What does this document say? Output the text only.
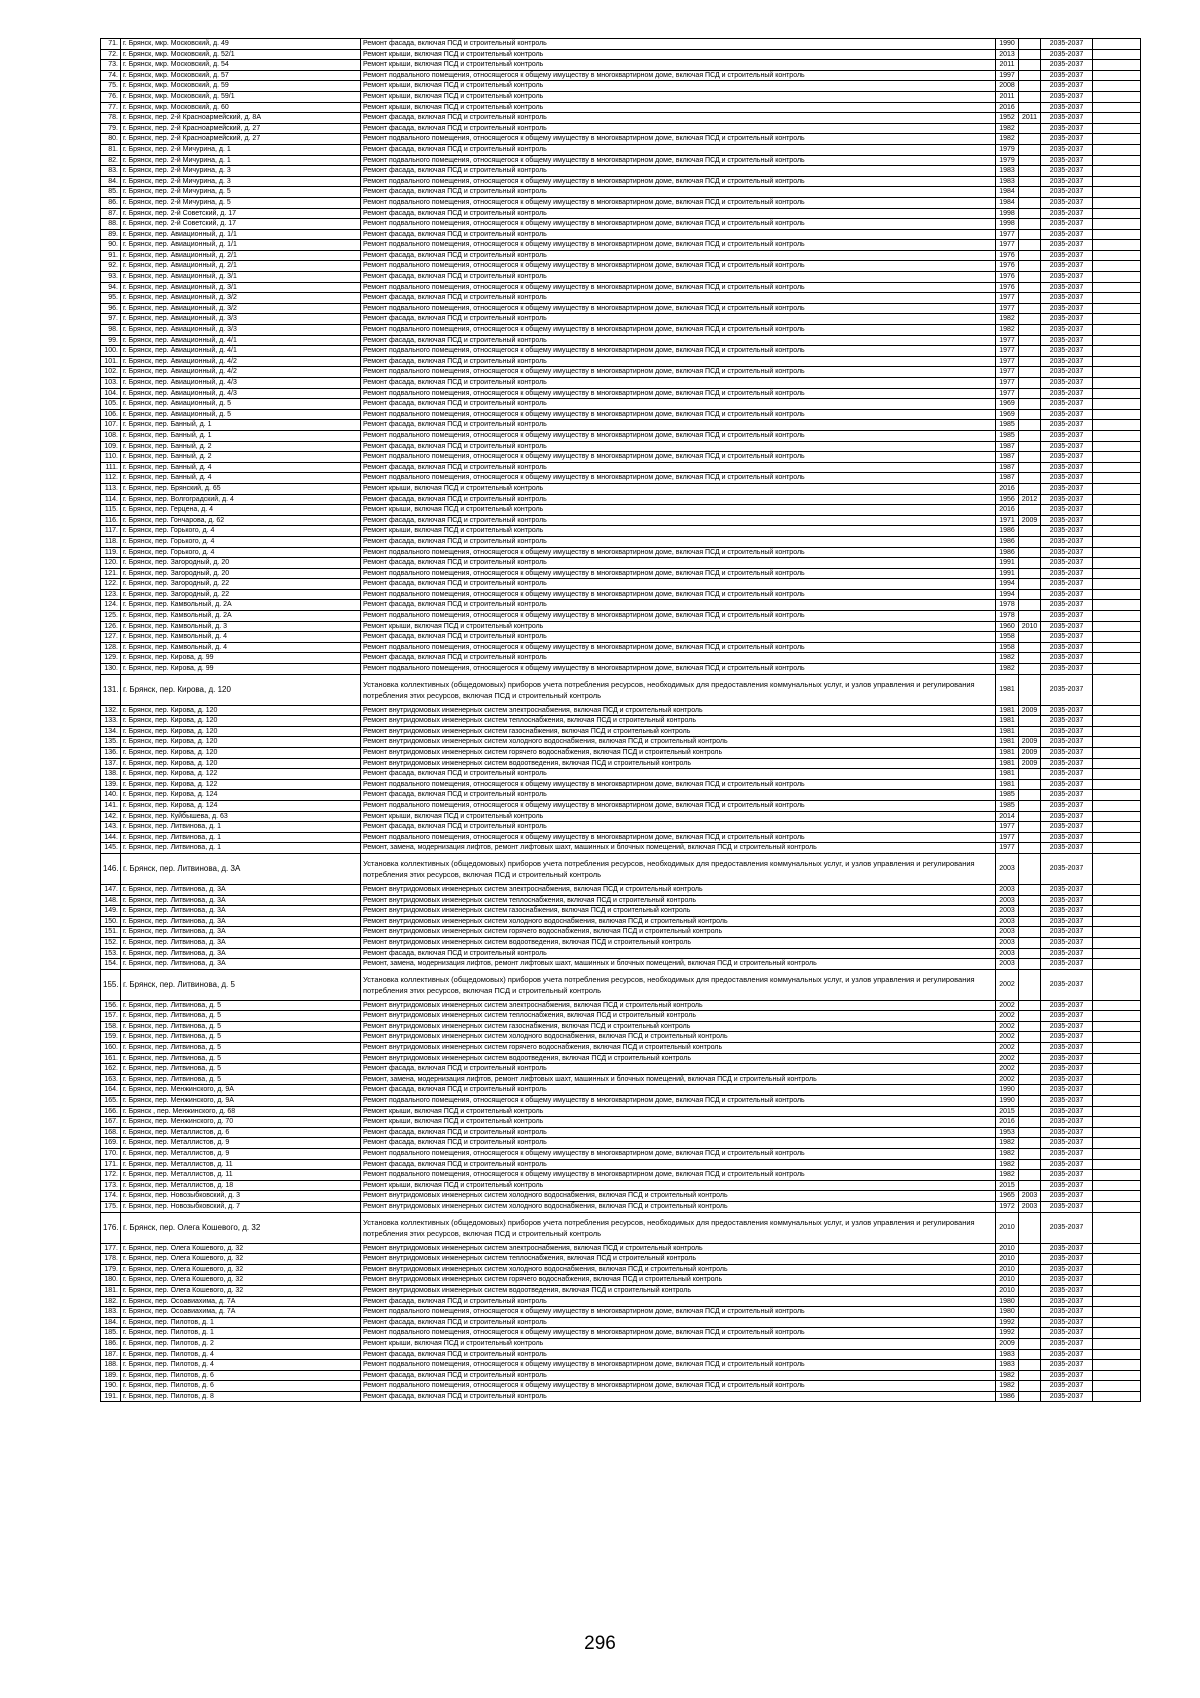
71.	г. Брянск, мкр. Московский, д. 49	Ремонт фасада, включая ПСД и строительный контроль	1990		2035-2037	
72.	г. Брянск, мкр. Московский, д. 52/1	Ремонт крыши, включая ПСД и строительный контроль	2013		2035-2037	
73.	г. Брянск, мкр. Московский, д. 54	Ремонт крыши, включая ПСД и строительный контроль	2011		2035-2037	
74.	г. Брянск, мкр. Московский, д. 57	Ремонт подвального помещения, относящегося к общему имуществу в многоквартирном доме, включая ПСД и строительный контроль	1997		2035-2037	
75.	г. Брянск, мкр. Московский, д. 59	Ремонт крыши, включая ПСД и строительный контроль	2008		2035-2037	
76.	г. Брянск, мкр. Московский, д. 59/1	Ремонт крыши, включая ПСД и строительный контроль	2011		2035-2037	
77.	г. Брянск, мкр. Московский, д. 60	Ремонт крыши, включая ПСД и строительный контроль	2016		2035-2037	
78.	г. Брянск, пер. 2-й Красноармейский, д. 8А	Ремонт фасада, включая ПСД и строительный контроль	1952	2011	2035-2037	
79.	г. Брянск, пер. 2-й Красноармейский, д. 27	Ремонт фасада, включая ПСД и строительный контроль	1982		2035-2037	
80.	г. Брянск, пер. 2-й Красноармейский, д. 27	Ремонт подвального помещения, относящегося к общему имуществу в многоквартирном доме, включая ПСД и строительный контроль	1982		2035-2037	
81.	г. Брянск, пер. 2-й Мичурина, д. 1	Ремонт фасада, включая ПСД и строительный контроль	1979		2035-2037	
82.	г. Брянск, пер. 2-й Мичурина, д. 1	Ремонт подвального помещения, относящегося к общему имуществу в многоквартирном доме, включая ПСД и строительный контроль	1979		2035-2037	
83.	г. Брянск, пер. 2-й Мичурина, д. 3	Ремонт фасада, включая ПСД и строительный контроль	1983		2035-2037	
84.	г. Брянск, пер. 2-й Мичурина, д. 3	Ремонт подвального помещения, относящегося к общему имуществу в многоквартирном доме, включая ПСД и строительный контроль	1983		2035-2037	
85.	г. Брянск, пер. 2-й Мичурина, д. 5	Ремонт фасада, включая ПСД и строительный контроль	1984		2035-2037	
86.	г. Брянск, пер. 2-й Мичурина, д. 5	Ремонт подвального помещения, относящегося к общему имуществу в многоквартирном доме, включая ПСД и строительный контроль	1984		2035-2037	
87.	г. Брянск, пер. 2-й Советский, д. 17	Ремонт фасада, включая ПСД и строительный контроль	1998		2035-2037	
88.	г. Брянск, пер. 2-й Советский, д. 17	Ремонт подвального помещения, относящегося к общему имуществу в многоквартирном доме, включая ПСД и строительный контроль	1998		2035-2037	
89.	г. Брянск, пер. Авиационный, д. 1/1	Ремонт фасада, включая ПСД и строительный контроль	1977		2035-2037	
90.	г. Брянск, пер. Авиационный, д. 1/1	Ремонт подвального помещения, относящегося к общему имуществу в многоквартирном доме, включая ПСД и строительный контроль	1977		2035-2037	
91.	г. Брянск, пер. Авиационный, д. 2/1	Ремонт фасада, включая ПСД и строительный контроль	1976		2035-2037	
92.	г. Брянск, пер. Авиационный, д. 2/1	Ремонт подвального помещения, относящегося к общему имуществу в многоквартирном доме, включая ПСД и строительный контроль	1976		2035-2037	
93.	г. Брянск, пер. Авиационный, д. 3/1	Ремонт фасада, включая ПСД и строительный контроль	1976		2035-2037	
94.	г. Брянск, пер. Авиационный, д. 3/1	Ремонт подвального помещения, относящегося к общему имуществу в многоквартирном доме, включая ПСД и строительный контроль	1976		2035-2037	
95.	г. Брянск, пер. Авиационный, д. 3/2	Ремонт фасада, включая ПСД и строительный контроль	1977		2035-2037	
96.	г. Брянск, пер. Авиационный, д. 3/2	Ремонт подвального помещения, относящегося к общему имуществу в многоквартирном доме, включая ПСД и строительный контроль	1977		2035-2037	
97.	г. Брянск, пер. Авиационный, д. 3/3	Ремонт фасада, включая ПСД и строительный контроль	1982		2035-2037	
98.	г. Брянск, пер. Авиационный, д. 3/3	Ремонт подвального помещения, относящегося к общему имуществу в многоквартирном доме, включая ПСД и строительный контроль	1982		2035-2037	
99.	г. Брянск, пер. Авиационный, д. 4/1	Ремонт фасада, включая ПСД и строительный контроль	1977		2035-2037	
100.	г. Брянск, пер. Авиационный, д. 4/1	Ремонт подвального помещения, относящегося к общему имуществу в многоквартирном доме, включая ПСД и строительный контроль	1977		2035-2037	
101.	г. Брянск, пер. Авиационный, д. 4/2	Ремонт фасада, включая ПСД и строительный контроль	1977		2035-2037	
102.	г. Брянск, пер. Авиационный, д. 4/2	Ремонт подвального помещения, относящегося к общему имуществу в многоквартирном доме, включая ПСД и строительный контроль	1977		2035-2037	
103.	г. Брянск, пер. Авиационный, д. 4/3	Ремонт фасада, включая ПСД и строительный контроль	1977		2035-2037	
104.	г. Брянск, пер. Авиационный, д. 4/3	Ремонт подвального помещения, относящегося к общему имуществу в многоквартирном доме, включая ПСД и строительный контроль	1977		2035-2037	
105.	г. Брянск, пер. Авиационный, д. 5	Ремонт фасада, включая ПСД и строительный контроль	1969		2035-2037	
106.	г. Брянск, пер. Авиационный, д. 5	Ремонт подвального помещения, относящегося к общему имуществу в многоквартирном доме, включая ПСД и строительный контроль	1969		2035-2037	
107.	г. Брянск, пер. Банный, д. 1	Ремонт фасада, включая ПСД и строительный контроль	1985		2035-2037	
108.	г. Брянск, пер. Банный, д. 1	Ремонт подвального помещения, относящегося к общему имуществу в многоквартирном доме, включая ПСД и строительный контроль	1985		2035-2037	
109.	г. Брянск, пер. Банный, д. 2	Ремонт фасада, включая ПСД и строительный контроль	1987		2035-2037	
110.	г. Брянск, пер. Банный, д. 2	Ремонт подвального помещения, относящегося к общему имуществу в многоквартирном доме, включая ПСД и строительный контроль	1987		2035-2037	
111.	г. Брянск, пер. Банный, д. 4	Ремонт фасада, включая ПСД и строительный контроль	1987		2035-2037	
112.	г. Брянск, пер. Банный, д. 4	Ремонт подвального помещения, относящегося к общему имуществу в многоквартирном доме, включая ПСД и строительный контроль	1987		2035-2037	
113.	г. Брянск, пер. Брянский, д. 65	Ремонт крыши, включая ПСД и строительный контроль	2016		2035-2037	
114.	г. Брянск, пер. Волгоградский, д. 4	Ремонт фасада, включая ПСД и строительный контроль	1956	2012	2035-2037	
115.	г. Брянск, пер. Герцена, д. 4	Ремонт крыши, включая ПСД и строительный контроль	2016		2035-2037	
116.	г. Брянск, пер. Гончарова, д. 62	Ремонт фасада, включая ПСД и строительный контроль	1971	2009	2035-2037	
117.	г. Брянск, пер. Горького, д. 4	Ремонт крыши, включая ПСД и строительный контроль	1986		2035-2037	
118.	г. Брянск, пер. Горького, д. 4	Ремонт фасада, включая ПСД и строительный контроль	1986		2035-2037	
119.	г. Брянск, пер. Горького, д. 4	Ремонт подвального помещения, относящегося к общему имуществу в многоквартирном доме, включая ПСД и строительный контроль	1986		2035-2037	
120.	г. Брянск, пер. Загородный, д. 20	Ремонт фасада, включая ПСД и строительный контроль	1991		2035-2037	
121.	г. Брянск, пер. Загородный, д. 20	Ремонт подвального помещения, относящегося к общему имуществу в многоквартирном доме, включая ПСД и строительный контроль	1991		2035-2037	
122.	г. Брянск, пер. Загородный, д. 22	Ремонт фасада, включая ПСД и строительный контроль	1994		2035-2037	
123.	г. Брянск, пер. Загородный, д. 22	Ремонт подвального помещения, относящегося к общему имуществу в многоквартирном доме, включая ПСД и строительный контроль	1994		2035-2037	
124.	г. Брянск, пер. Камвольный, д. 2А	Ремонт фасада, включая ПСД и строительный контроль	1978		2035-2037	
125.	г. Брянск, пер. Камвольный, д. 2А	Ремонт подвального помещения, относящегося к общему имуществу в многоквартирном доме, включая ПСД и строительный контроль	1978		2035-2037	
126.	г. Брянск, пер. Камвольный, д. 3	Ремонт крыши, включая ПСД и строительный контроль	1960	2010	2035-2037	
127.	г. Брянск, пер. Камвольный, д. 4	Ремонт фасада, включая ПСД и строительный контроль	1958		2035-2037	
128.	г. Брянск, пер. Камвольный, д. 4	Ремонт подвального помещения, относящегося к общему имуществу в многоквартирном доме, включая ПСД и строительный контроль	1958		2035-2037	
129.	г. Брянск, пер. Кирова, д. 99	Ремонт фасада, включая ПСД и строительный контроль	1982		2035-2037	
130.	г. Брянск, пер. Кирова, д. 99	Ремонт подвального помещения, относящегося к общему имуществу в многоквартирном доме, включая ПСД и строительный контроль	1982		2035-2037	
131.	г. Брянск, пер. Кирова, д. 120	Установка коллективных (общедомовых) приборов учета потребления ресурсов, необходимых для предоставления коммунальных услуг, и узлов управления и регулирования потребления этих ресурсов, включая ПСД и строительный контроль	1981		2035-2037	
132.	г. Брянск, пер. Кирова, д. 120	Ремонт внутридомовых инженерных систем электроснабжения, включая ПСД и строительный контроль	1981	2009	2035-2037	
133.	г. Брянск, пер. Кирова, д. 120	Ремонт внутридомовых инженерных систем теплоснабжения, включая ПСД и строительный контроль	1981		2035-2037	
134.	г. Брянск, пер. Кирова, д. 120	Ремонт внутридомовых инженерных систем газоснабжения, включая ПСД и строительный контроль	1981		2035-2037	
135.	г. Брянск, пер. Кирова, д. 120	Ремонт внутридомовых инженерных систем холодного водоснабжения, включая ПСД и строительный контроль	1981	2009	2035-2037	
136.	г. Брянск, пер. Кирова, д. 120	Ремонт внутридомовых инженерных систем горячего водоснабжения, включая ПСД и строительный контроль	1981	2009	2035-2037	
137.	г. Брянск, пер. Кирова, д. 120	Ремонт внутридомовых инженерных систем водоотведения, включая ПСД и строительный контроль	1981	2009	2035-2037	
138.	г. Брянск, пер. Кирова, д. 122	Ремонт фасада, включая ПСД и строительный контроль	1981		2035-2037	
139.	г. Брянск, пер. Кирова, д. 122	Ремонт подвального помещения, относящегося к общему имуществу в многоквартирном доме, включая ПСД и строительный контроль	1981		2035-2037	
140.	г. Брянск, пер. Кирова, д. 124	Ремонт фасада, включая ПСД и строительный контроль	1985		2035-2037	
141.	г. Брянск, пер. Кирова, д. 124	Ремонт подвального помещения, относящегося к общему имуществу в многоквартирном доме, включая ПСД и строительный контроль	1985		2035-2037	
142.	г. Брянск, пер. Куйбышева, д. 63	Ремонт крыши, включая ПСД и строительный контроль	2014		2035-2037	
143.	г. Брянск, пер. Литвинова, д. 1	Ремонт фасада, включая ПСД и строительный контроль	1977		2035-2037	
144.	г. Брянск, пер. Литвинова, д. 1	Ремонт подвального помещения, относящегося к общему имуществу в многоквартирном доме, включая ПСД и строительный контроль	1977		2035-2037	
145.	г. Брянск, пер. Литвинова, д. 1	Ремонт, замена, модернизация лифтов, ремонт лифтовых шахт, машинных и блочных помещений, включая ПСД и строительный контроль	1977		2035-2037	
146.	г. Брянск, пер. Литвинова, д. 3А	Установка коллективных (общедомовых) приборов учета потребления ресурсов, необходимых для предоставления коммунальных услуг, и узлов управления и регулирования потребления этих ресурсов, включая ПСД и строительный контроль	2003		2035-2037	
147.	г. Брянск, пер. Литвинова, д. 3А	Ремонт внутридомовых инженерных систем электроснабжения, включая ПСД и строительный контроль	2003		2035-2037	
148.	г. Брянск, пер. Литвинова, д. 3А	Ремонт внутридомовых инженерных систем теплоснабжения, включая ПСД и строительный контроль	2003		2035-2037	
149.	г. Брянск, пер. Литвинова, д. 3А	Ремонт внутридомовых инженерных систем газоснабжения, включая ПСД и строительный контроль	2003		2035-2037	
150.	г. Брянск, пер. Литвинова, д. 3А	Ремонт внутридомовых инженерных систем холодного водоснабжения, включая ПСД и строительный контроль	2003		2035-2037	
151.	г. Брянск, пер. Литвинова, д. 3А	Ремонт внутридомовых инженерных систем горячего водоснабжения, включая ПСД и строительный контроль	2003		2035-2037	
152.	г. Брянск, пер. Литвинова, д. 3А	Ремонт внутридомовых инженерных систем водоотведения, включая ПСД и строительный контроль	2003		2035-2037	
153.	г. Брянск, пер. Литвинова, д. 3А	Ремонт фасада, включая ПСД и строительный контроль	2003		2035-2037	
154.	г. Брянск, пер. Литвинова, д. 3А	Ремонт, замена, модернизация лифтов, ремонт лифтовых шахт, машинных и блочных помещений, включая ПСД и строительный контроль	2003		2035-2037	
155.	г. Брянск, пер. Литвинова, д. 5	Установка коллективных (общедомовых) приборов учета потребления ресурсов, необходимых для предоставления коммунальных услуг, и узлов управления и регулирования потребления этих ресурсов, включая ПСД и строительный контроль	2002		2035-2037	
156.	г. Брянск, пер. Литвинова, д. 5	Ремонт внутридомовых инженерных систем электроснабжения, включая ПСД и строительный контроль	2002		2035-2037	
157.	г. Брянск, пер. Литвинова, д. 5	Ремонт внутридомовых инженерных систем теплоснабжения, включая ПСД и строительный контроль	2002		2035-2037	
158.	г. Брянск, пер. Литвинова, д. 5	Ремонт внутридомовых инженерных систем газоснабжения, включая ПСД и строительный контроль	2002		2035-2037	
159.	г. Брянск, пер. Литвинова, д. 5	Ремонт внутридомовых инженерных систем холодного водоснабжения, включая ПСД и строительный контроль	2002		2035-2037	
160.	г. Брянск, пер. Литвинова, д. 5	Ремонт внутридомовых инженерных систем горячего водоснабжения, включая ПСД и строительный контроль	2002		2035-2037	
161.	г. Брянск, пер. Литвинова, д. 5	Ремонт внутридомовых инженерных систем водоотведения, включая ПСД и строительный контроль	2002		2035-2037	
162.	г. Брянск, пер. Литвинова, д. 5	Ремонт фасада, включая ПСД и строительный контроль	2002		2035-2037	
163.	г. Брянск, пер. Литвинова, д. 5	Ремонт, замена, модернизация лифтов, ремонт лифтовых шахт, машинных и блочных помещений, включая ПСД и строительный контроль	2002		2035-2037	
164.	г. Брянск, пер. Менжинского, д. 9А	Ремонт фасада, включая ПСД и строительный контроль	1990		2035-2037	
165.	г. Брянск, пер. Менжинского, д. 9А	Ремонт подвального помещения, относящегося к общему имуществу в многоквартирном доме, включая ПСД и строительный контроль	1990		2035-2037	
166.	г. Брянск , пер. Менжинского, д. 68	Ремонт крыши, включая ПСД и строительный контроль	2015		2035-2037	
167.	г. Брянск, пер. Менжинского, д. 70	Ремонт крыши, включая ПСД и строительный контроль	2016		2035-2037	
168.	г. Брянск, пер. Металлистов, д. 6	Ремонт фасада, включая ПСД и строительный контроль	1953		2035-2037	
169.	г. Брянск, пер. Металлистов, д. 9	Ремонт фасада, включая ПСД и строительный контроль	1982		2035-2037	
170.	г. Брянск, пер. Металлистов, д. 9	Ремонт подвального помещения, относящегося к общему имуществу в многоквартирном доме, включая ПСД и строительный контроль	1982		2035-2037	
171.	г. Брянск, пер. Металлистов, д. 11	Ремонт фасада, включая ПСД и строительный контроль	1982		2035-2037	
172.	г. Брянск, пер. Металлистов, д. 11	Ремонт подвального помещения, относящегося к общему имуществу в многоквартирном доме, включая ПСД и строительный контроль	1982		2035-2037	
173.	г. Брянск, пер. Металлистов, д. 18	Ремонт крыши, включая ПСД и строительный контроль	2015		2035-2037	
174.	г. Брянск, пер. Новозыбковский, д. 3	Ремонт внутридомовых инженерных систем холодного водоснабжения, включая ПСД и строительный контроль	1965	2003	2035-2037	
175.	г. Брянск, пер. Новозыбковский, д. 7	Ремонт внутридомовых инженерных систем холодного водоснабжения, включая ПСД и строительный контроль	1972	2003	2035-2037	
176.	г. Брянск, пер. Олега Кошевого, д. 32	Установка коллективных (общедомовых) приборов учета потребления ресурсов, необходимых для предоставления коммунальных услуг, и узлов управления и регулирования потребления этих ресурсов, включая ПСД и строительный контроль	2010		2035-2037	
177.	г. Брянск, пер. Олега Кошевого, д. 32	Ремонт внутридомовых инженерных систем электроснабжения, включая ПСД и строительный контроль	2010		2035-2037	
178.	г. Брянск, пер. Олега Кошевого, д. 32	Ремонт внутридомовых инженерных систем теплоснабжения, включая ПСД и строительный контроль	2010		2035-2037	
179.	г. Брянск, пер. Олега Кошевого, д. 32	Ремонт внутридомовых инженерных систем холодного водоснабжения, включая ПСД и строительный контроль	2010		2035-2037	
180.	г. Брянск, пер. Олега Кошевого, д. 32	Ремонт внутридомовых инженерных систем горячего водоснабжения, включая ПСД и строительный контроль	2010		2035-2037	
181.	г. Брянск, пер. Олега Кошевого, д. 32	Ремонт внутридомовых инженерных систем водоотведения, включая ПСД и строительный контроль	2010		2035-2037	
182.	г. Брянск, пер. Осоавиахима, д. 7А	Ремонт фасада, включая ПСД и строительный контроль	1980		2035-2037	
183.	г. Брянск, пер. Осоавиахима, д. 7А	Ремонт подвального помещения, относящегося к общему имуществу в многоквартирном доме, включая ПСД и строительный контроль	1980		2035-2037	
184.	г. Брянск, пер. Пилотов, д. 1	Ремонт фасада, включая ПСД и строительный контроль	1992		2035-2037	
185.	г. Брянск, пер. Пилотов, д. 1	Ремонт подвального помещения, относящегося к общему имуществу в многоквартирном доме, включая ПСД и строительный контроль	1992		2035-2037	
186.	г. Брянск, пер. Пилотов, д. 2	Ремонт крыши, включая ПСД и строительный контроль	2009		2035-2037	
187.	г. Брянск, пер. Пилотов, д. 4	Ремонт фасада, включая ПСД и строительный контроль	1983		2035-2037	
188.	г. Брянск, пер. Пилотов, д. 4	Ремонт подвального помещения, относящегося к общему имуществу в многоквартирном доме, включая ПСД и строительный контроль	1983		2035-2037	
189.	г. Брянск, пер. Пилотов, д. 6	Ремонт фасада, включая ПСД и строительный контроль	1982		2035-2037	
190.	г. Брянск, пер. Пилотов, д. 6	Ремонт подвального помещения, относящегося к общему имуществу в многоквартирном доме, включая ПСД и строительный контроль	1982		2035-2037	
191.	г. Брянск, пер. Пилотов, д. 8	Ремонт фасада, включая ПСД и строительный контроль	1986		2035-2037	
296
